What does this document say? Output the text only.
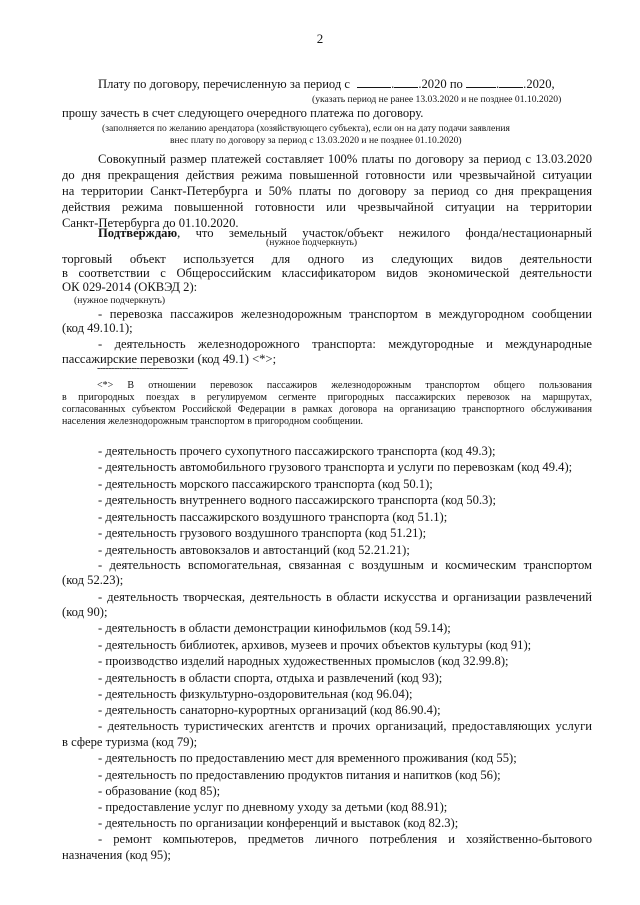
2
Плату по договору, перечисленную за период с	. .2020 по	. .2020,
(указать период не ранее 13.03.2020 и не позднее 01.10.2020)
прошу зачесть в счет следующего очередного платежа по договору.
(заполняется по желанию арендатора (хозяйствующего субъекта), если он на дату подачи заявления
внес плату по договору за период с 13.03.2020 и не позднее 01.10.2020)
Совокупный размер платежей составляет 100% платы по договору за период с 13.03.2020
до дня прекращения действия режима повышенной готовности или чрезвычайной ситуации
на территории Санкт-Петербурга и 50% платы по договору за период со дня прекращения
действия режима повышенной готовности или чрезвычайной ситуации на территории
Санкт-Петербурга до 01.10.2020.
Подтверждаю, что земельный участок/объект нежилого фонда/нестационарный
(нужное подчеркнуть)
торговый объект используется для одного из следующих видов деятельности
в соответствии с Общероссийским классификатором видов экономической деятельности
ОК 029-2014 (ОКВЭД 2):
(нужное подчеркнуть)
- перевозка пассажиров железнодорожным транспортом в междугородном сообщении
(код 49.10.1);
- деятельность железнодорожного транспорта: междугородные и международные
пассажирские перевозки (код 49.1) <*>;
--------------------------------
<*> В отношении перевозок пассажиров железнодорожным транспортом общего пользования
в пригородных поездах в регулируемом сегменте пригородных пассажирских перевозок на маршрутах,
согласованных субъектом Российской Федерации в рамках договора на организацию транспортного обслуживания
населения железнодорожным транспортом в пригородном сообщении.
- деятельность прочего сухопутного пассажирского транспорта (код 49.3);
- деятельность автомобильного грузового транспорта и услуги по перевозкам (код 49.4);
- деятельность морского пассажирского транспорта (код 50.1);
- деятельность внутреннего водного пассажирского транспорта (код 50.3);
- деятельность пассажирского воздушного транспорта (код 51.1);
- деятельность грузового воздушного транспорта (код 51.21);
- деятельность автовокзалов и автостанций (код 52.21.21);
- деятельность вспомогательная, связанная с воздушным и космическим транспортом
(код 52.23);
- деятельность творческая, деятельность в области искусства и организации развлечений
(код 90);
- деятельность в области демонстрации кинофильмов (код 59.14);
- деятельность библиотек, архивов, музеев и прочих объектов культуры (код 91);
- производство изделий народных художественных промыслов (код 32.99.8);
- деятельность в области спорта, отдыха и развлечений (код 93);
- деятельность физкультурно-оздоровительная (код 96.04);
- деятельность санаторно-курортных организаций (код 86.90.4);
- деятельность туристических агентств и прочих организаций, предоставляющих услуги
в сфере туризма (код 79);
- деятельность по предоставлению мест для временного проживания (код 55);
- деятельность по предоставлению продуктов питания и напитков (код 56);
- образование (код 85);
- предоставление услуг по дневному уходу за детьми (код 88.91);
- деятельность по организации конференций и выставок (код 82.3);
- ремонт компьютеров, предметов личного потребления и хозяйственно-бытового
назначения (код 95);
